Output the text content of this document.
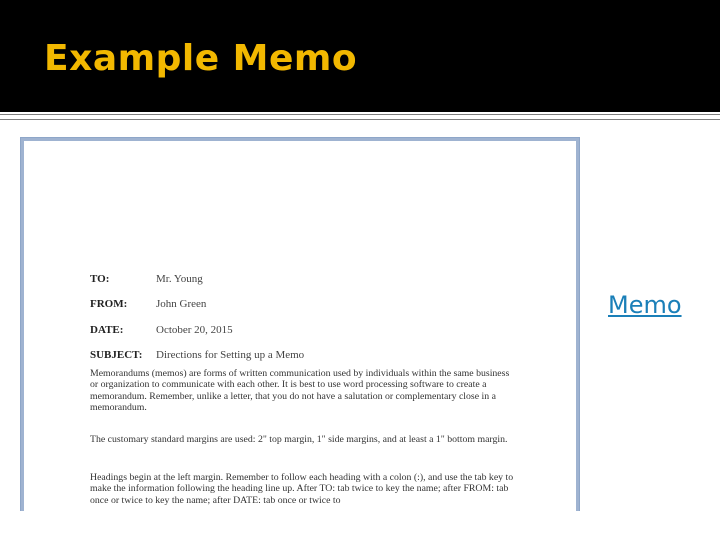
Example Memo
TO:	Mr. Young
FROM:	John Green
DATE:	October 20, 2015
SUBJECT: Directions for Setting up a Memo

Memorandums (memos) are forms of written communication used by individuals within the same business or organization to communicate with each other. It is best to use word processing software to create a memorandum. Remember, unlike a letter, that you do not have a salutation or complementary close in a memorandum.

The customary standard margins are used: 2" top margin, 1" side margins, and at least a 1" bottom margin.

Headings begin at the left margin. Remember to follow each heading with a colon (:), and use the tab key to make the information following the heading line up. After TO: tab twice to key the name; after FROM: tab once or twice to key the name; after DATE: tab once or twice to

Memo
